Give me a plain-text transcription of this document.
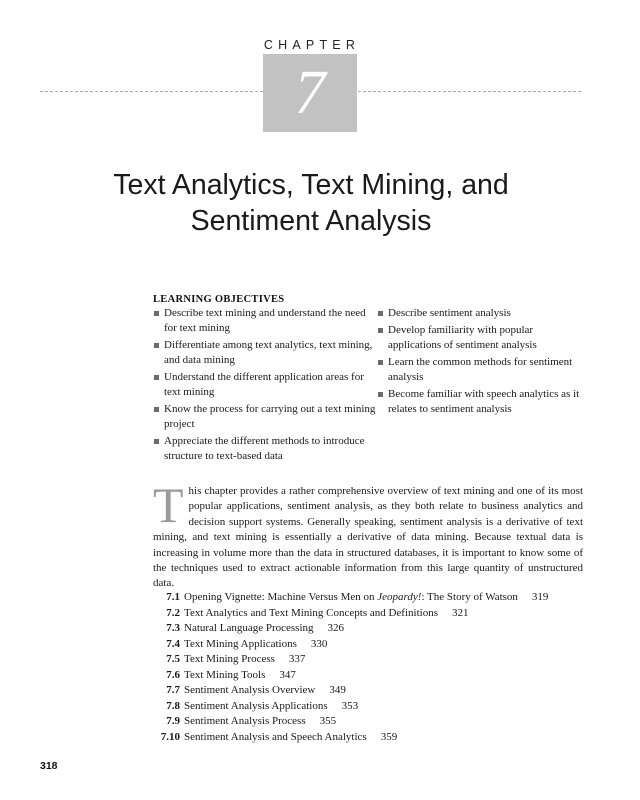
CHAPTER
7
Text Analytics, Text Mining, and
Sentiment Analysis
LEARNING OBJECTIVES
Describe text mining and understand the need for text mining
Differentiate among text analytics, text mining, and data mining
Understand the different application areas for text mining
Know the process for carrying out a text mining project
Appreciate the different methods to introduce structure to text-based data
Describe sentiment analysis
Develop familiarity with popular applications of sentiment analysis
Learn the common methods for sentiment analysis
Become familiar with speech analytics as it relates to sentiment analysis
T his chapter provides a rather comprehensive overview of text mining and one of its most popular applications, sentiment analysis, as they both relate to business analytics and decision support systems. Generally speaking, sentiment analysis is a derivative of text mining, and text mining is essentially a derivative of data mining. Because textual data is increasing in volume more than the data in structured databases, it is important to know some of the techniques used to extract actionable information from this large quantity of unstructured data.

7.1 Opening Vignette: Machine Versus Men on Jeopardy!: The Story of Watson 319
7.2 Text Analytics and Text Mining Concepts and Definitions 321
7.3 Natural Language Processing 326
7.4 Text Mining Applications 330
7.5 Text Mining Process 337
7.6 Text Mining Tools 347
7.7 Sentiment Analysis Overview 349
7.8 Sentiment Analysis Applications 353
7.9 Sentiment Analysis Process 355
7.10 Sentiment Analysis and Speech Analytics 359
318
